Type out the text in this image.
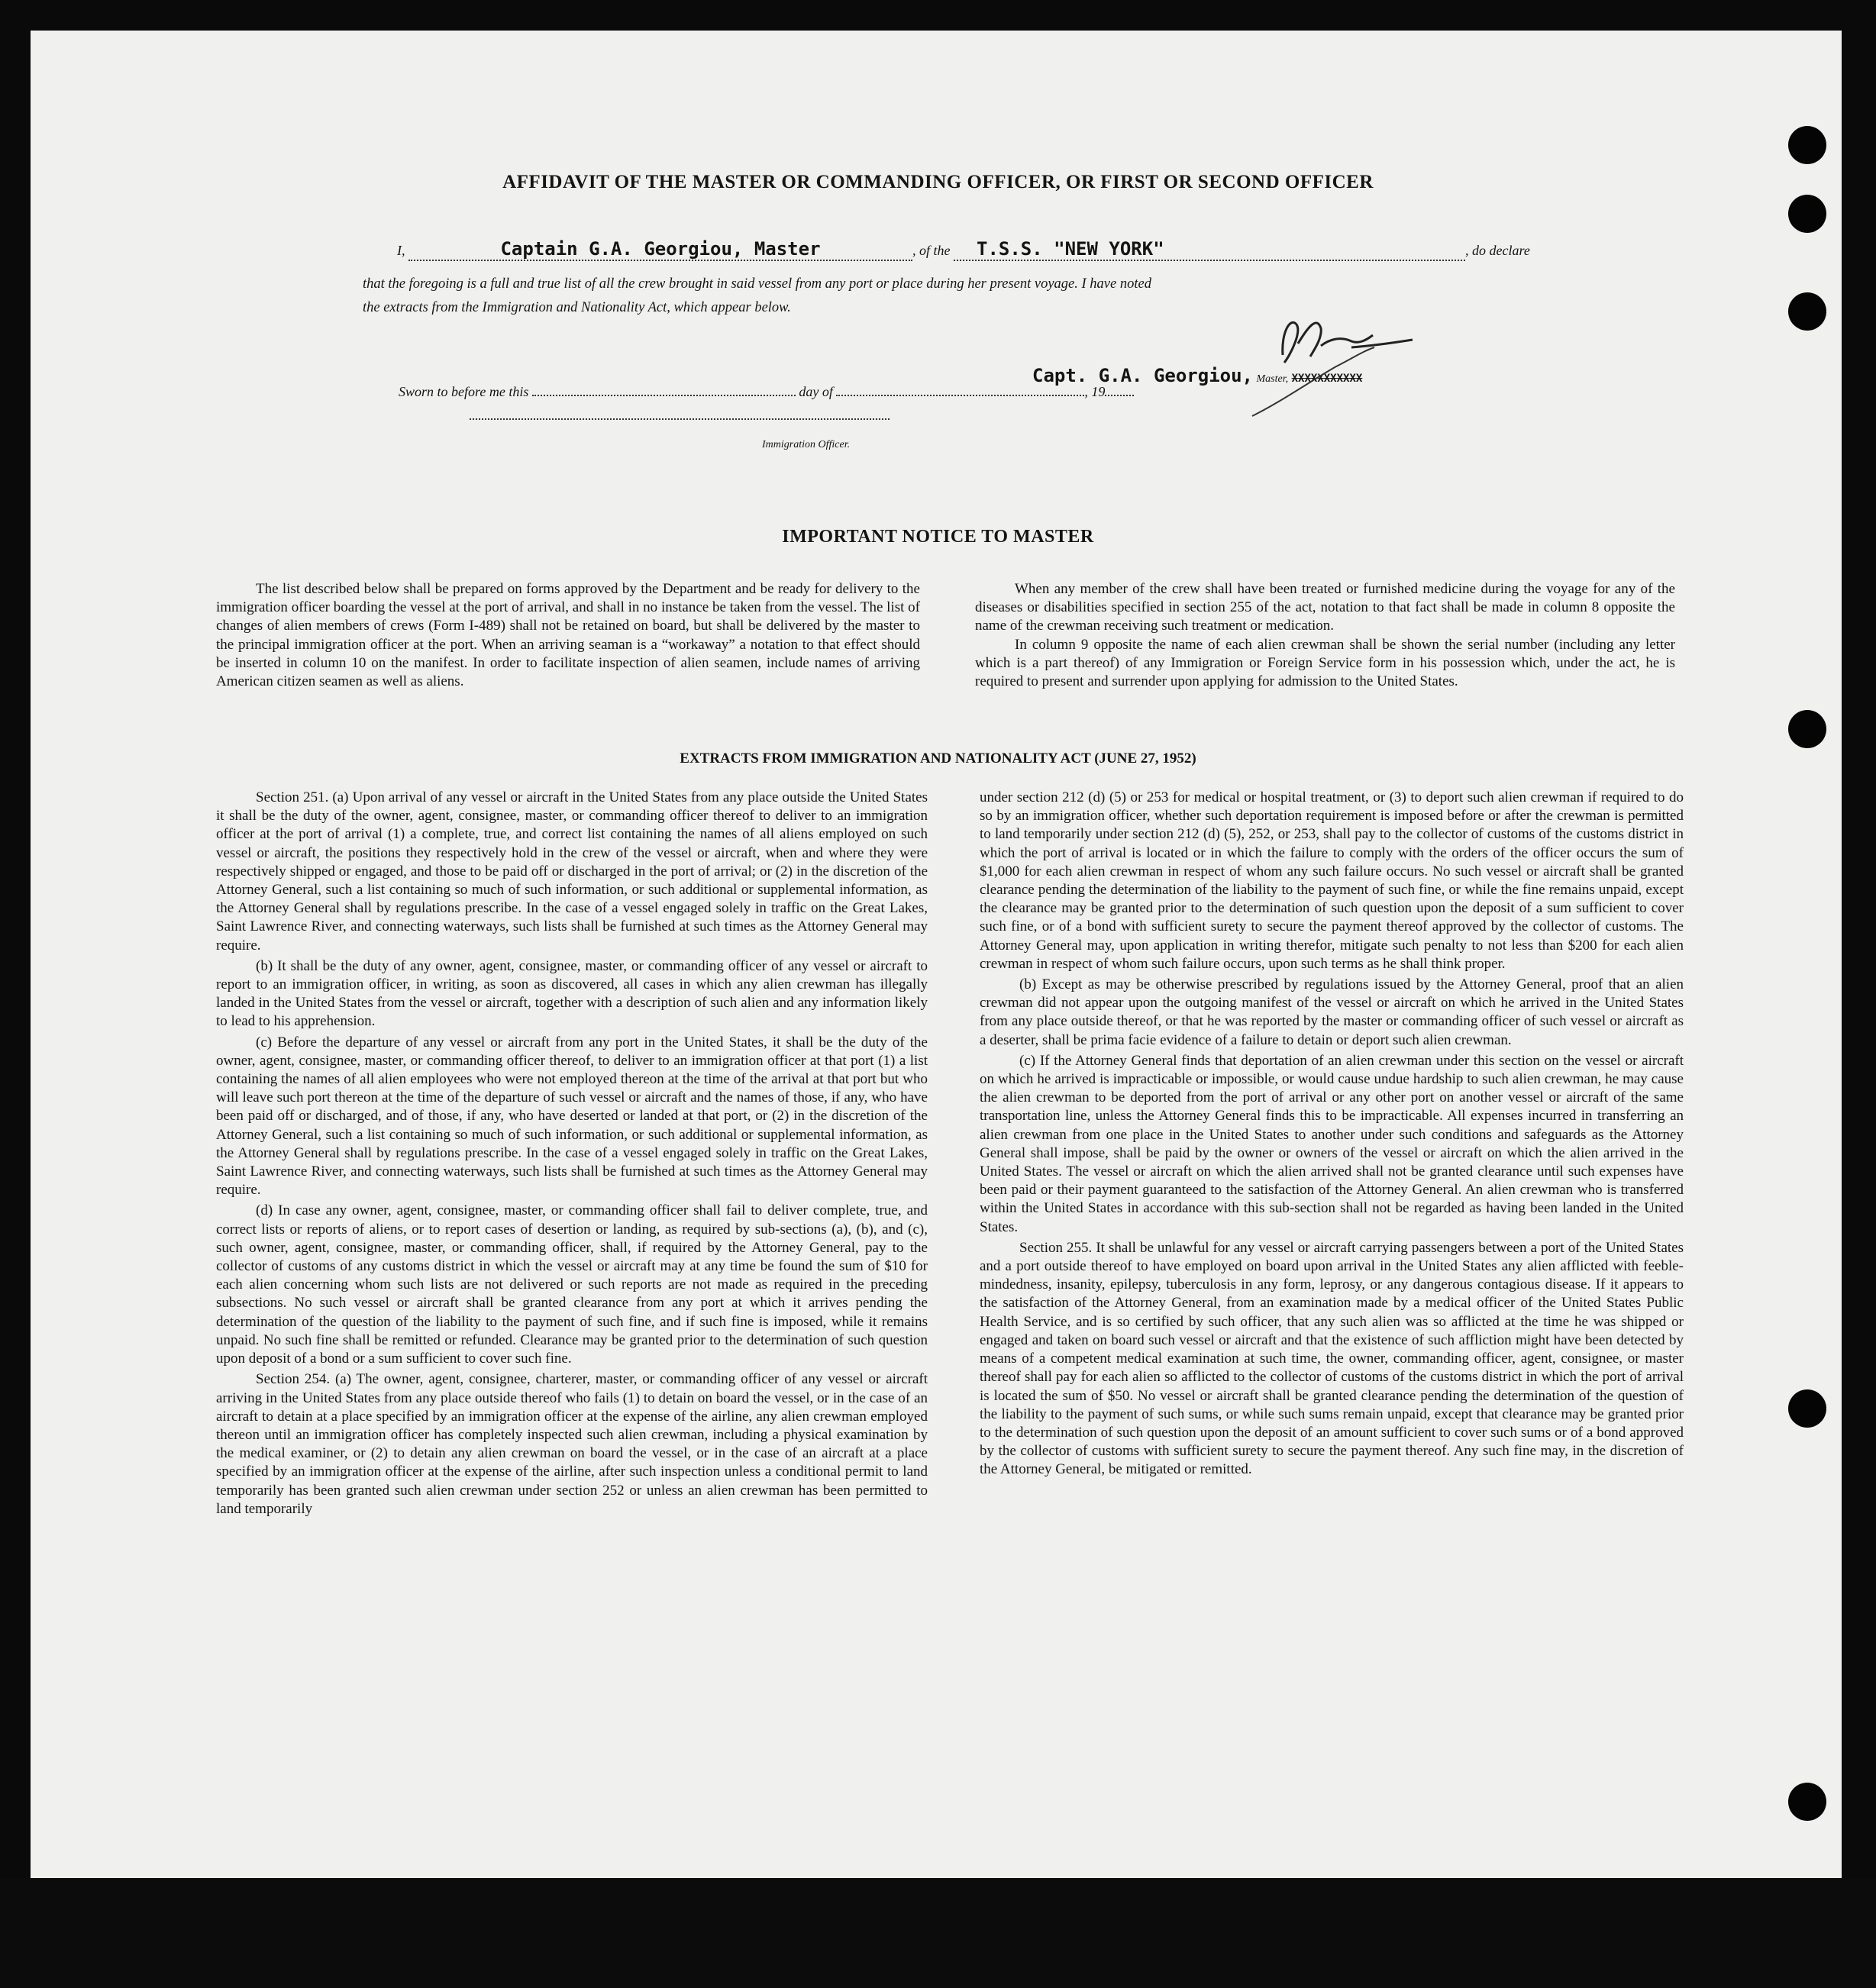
AFFIDAVIT OF THE MASTER OR COMMANDING OFFICER, OR FIRST OR SECOND OFFICER
I,	Captain G.A. Georgiou, Master	, of the T.S.S. "NEW YORK"	, do declare
that the foregoing is a full and true list of all the crew brought in said vessel from any port or place during her present voyage. I have noted
the extracts from the Immigration and Nationality Act, which appear below.
Sworn to before me this	day of	, 19
Capt. G.A. Georgiou, Master, XXXXXXXXXXX
Immigration Officer.
IMPORTANT NOTICE TO MASTER

The list described below shall be prepared on forms approved by the Department and be ready for delivery to the immigration officer boarding the vessel at the port of arrival, and shall in no instance be taken from the vessel. The list of changes of alien members of crews (Form I-489) shall not be retained on board, but shall be delivered by the master to the principal immigration officer at the port. When an arriving seaman is a “workaway” a notation to that effect should be inserted in column 10 on the manifest. In order to facilitate inspection of alien seamen, include names of arriving American citizen seamen as well as aliens.

When any member of the crew shall have been treated or furnished medicine during the voyage for any of the diseases or disabilities specified in section 255 of the act, notation to that fact shall be made in column 8 opposite the name of the crewman receiving such treatment or medication.

In column 9 opposite the name of each alien crewman shall be shown the serial number (including any letter which is a part thereof) of any Immigration or Foreign Service form in his possession which, under the act, he is required to present and surrender upon applying for admission to the United States.

EXTRACTS FROM IMMIGRATION AND NATIONALITY ACT (JUNE 27, 1952)

Section 251. (a) Upon arrival of any vessel or aircraft in the United States from any place outside the United States it shall be the duty of the owner, agent, consignee, master, or commanding officer thereof to deliver to an immigration officer at the port of arrival (1) a complete, true, and correct list containing the names of all aliens employed on such vessel or aircraft, the positions they respectively hold in the crew of the vessel or aircraft, when and where they were respectively shipped or engaged, and those to be paid off or discharged in the port of arrival; or (2) in the discretion of the Attorney General, such a list containing so much of such information, or such additional or supplemental information, as the Attorney General shall by regulations prescribe. In the case of a vessel engaged solely in traffic on the Great Lakes, Saint Lawrence River, and connecting waterways, such lists shall be furnished at such times as the Attorney General may require.

(b) It shall be the duty of any owner, agent, consignee, master, or commanding officer of any vessel or aircraft to report to an immigration officer, in writing, as soon as discovered, all cases in which any alien crewman has illegally landed in the United States from the vessel or aircraft, together with a description of such alien and any information likely to lead to his apprehension.

(c) Before the departure of any vessel or aircraft from any port in the United States, it shall be the duty of the owner, agent, consignee, master, or commanding officer thereof, to deliver to an immigration officer at that port (1) a list containing the names of all alien employees who were not employed thereon at the time of the arrival at that port but who will leave such port thereon at the time of the departure of such vessel or aircraft and the names of those, if any, who have been paid off or discharged, and of those, if any, who have deserted or landed at that port, or (2) in the discretion of the Attorney General, such a list containing so much of such information, or such additional or supplemental information, as the Attorney General shall by regulations prescribe. In the case of a vessel engaged solely in traffic on the Great Lakes, Saint Lawrence River, and connecting waterways, such lists shall be furnished at such times as the Attorney General may require.

(d) In case any owner, agent, consignee, master, or commanding officer shall fail to deliver complete, true, and correct lists or reports of aliens, or to report cases of desertion or landing, as required by sub-sections (a), (b), and (c), such owner, agent, consignee, master, or commanding officer, shall, if required by the Attorney General, pay to the collector of customs of any customs district in which the vessel or aircraft may at any time be found the sum of $10 for each alien concerning whom such lists are not delivered or such reports are not made as required in the preceding subsections. No such vessel or aircraft shall be granted clearance from any port at which it arrives pending the determination of the question of the liability to the payment of such fine, and if such fine is imposed, while it remains unpaid. No such fine shall be remitted or refunded. Clearance may be granted prior to the determination of such question upon deposit of a bond or a sum sufficient to cover such fine.

Section 254. (a) The owner, agent, consignee, charterer, master, or commanding officer of any vessel or aircraft arriving in the United States from any place outside thereof who fails (1) to detain on board the vessel, or in the case of an aircraft to detain at a place specified by an immigration officer at the expense of the airline, any alien crewman employed thereon until an immigration officer has completely inspected such alien crewman, including a physical examination by the medical examiner, or (2) to detain any alien crewman on board the vessel, or in the case of an aircraft at a place specified by an immigration officer at the expense of the airline, after such inspection unless a conditional permit to land temporarily has been granted such alien crewman under section 252 or unless an alien crewman has been permitted to land temporarily

under section 212 (d) (5) or 253 for medical or hospital treatment, or (3) to deport such alien crewman if required to do so by an immigration officer, whether such deportation requirement is imposed before or after the crewman is permitted to land temporarily under section 212 (d) (5), 252, or 253, shall pay to the collector of customs of the customs district in which the port of arrival is located or in which the failure to comply with the orders of the officer occurs the sum of $1,000 for each alien crewman in respect of whom any such failure occurs. No such vessel or aircraft shall be granted clearance pending the determination of the liability to the payment of such fine, or while the fine remains unpaid, except the clearance may be granted prior to the determination of such question upon the deposit of a sum sufficient to cover such fine, or of a bond with sufficient surety to secure the payment thereof approved by the collector of customs. The Attorney General may, upon application in writing therefor, mitigate such penalty to not less than $200 for each alien crewman in respect of whom such failure occurs, upon such terms as he shall think proper.

(b) Except as may be otherwise prescribed by regulations issued by the Attorney General, proof that an alien crewman did not appear upon the outgoing manifest of the vessel or aircraft on which he arrived in the United States from any place outside thereof, or that he was reported by the master or commanding officer of such vessel or aircraft as a deserter, shall be prima facie evidence of a failure to detain or deport such alien crewman.

(c) If the Attorney General finds that deportation of an alien crewman under this section on the vessel or aircraft on which he arrived is impracticable or impossible, or would cause undue hardship to such alien crewman, he may cause the alien crewman to be deported from the port of arrival or any other port on another vessel or aircraft of the same transportation line, unless the Attorney General finds this to be impracticable. All expenses incurred in transferring an alien crewman from one place in the United States to another under such conditions and safeguards as the Attorney General shall impose, shall be paid by the owner or owners of the vessel or aircraft on which the alien arrived in the United States. The vessel or aircraft on which the alien arrived shall not be granted clearance until such expenses have been paid or their payment guaranteed to the satisfaction of the Attorney General. An alien crewman who is transferred within the United States in accordance with this sub-section shall not be regarded as having been landed in the United States.

Section 255. It shall be unlawful for any vessel or aircraft carrying passengers between a port of the United States and a port outside thereof to have employed on board upon arrival in the United States any alien afflicted with feeble-mindedness, insanity, epilepsy, tuberculosis in any form, leprosy, or any dangerous contagious disease. If it appears to the satisfaction of the Attorney General, from an examination made by a medical officer of the United States Public Health Service, and is so certified by such officer, that any such alien was so afflicted at the time he was shipped or engaged and taken on board such vessel or aircraft and that the existence of such affliction might have been detected by means of a competent medical examination at such time, the owner, commanding officer, agent, consignee, or master thereof shall pay for each alien so afflicted to the collector of customs of the customs district in which the port of arrival is located the sum of $50. No vessel or aircraft shall be granted clearance pending the determination of the question of the liability to the payment of such sums, or while such sums remain unpaid, except that clearance may be granted prior to the determination of such question upon the deposit of an amount sufficient to cover such sums or of a bond approved by the collector of customs with sufficient surety to secure the payment thereof. Any such fine may, in the discretion of the Attorney General, be mitigated or remitted.
